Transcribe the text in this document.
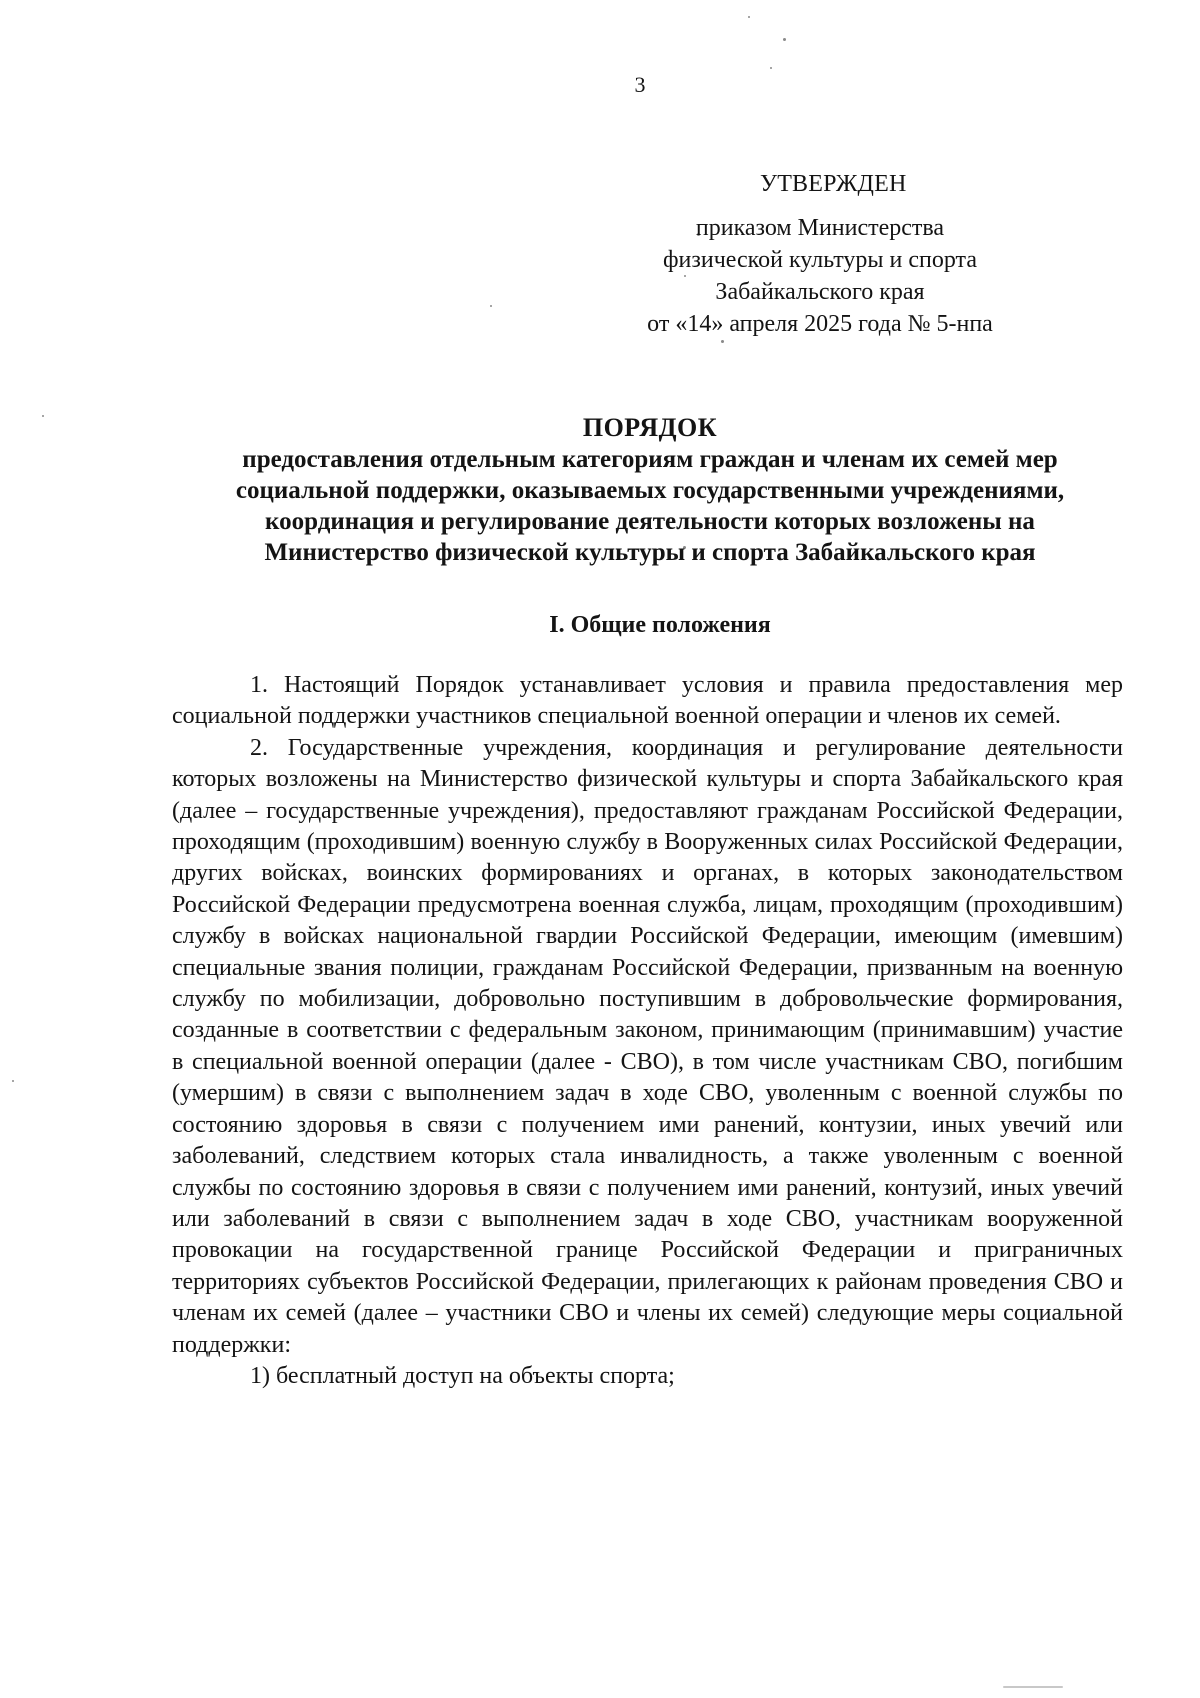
3
УТВЕРЖДЕН
приказом Министерства
физической культуры и спорта
Забайкальского края
от «14» апреля 2025 года № 5-нпа
ПОРЯДОК
предоставления отдельным категориям граждан и членам их семей мер
социальной поддержки, оказываемых государственными учреждениями,
координация и регулирование деятельности которых возложены на
Министерство физической культуры и спорта Забайкальского края
I. Общие положения

1. Настоящий Порядок устанавливает условия и правила предоставления мер социальной поддержки участников специальной военной операции и членов их семей.

2. Государственные учреждения, координация и регулирование деятельности которых возложены на Министерство физической культуры и спорта Забайкальского края (далее – государственные учреждения), предоставляют гражданам Российской Федерации, проходящим (проходившим) военную службу в Вооруженных силах Российской Федерации, других войсках, воинских формированиях и органах, в которых законодательством Российской Федерации предусмотрена военная служба, лицам, проходящим (проходившим) службу в войсках национальной гвардии Российской Федерации, имеющим (имевшим) специальные звания полиции, гражданам Российской Федерации, призванным на военную службу по мобилизации, добровольно поступившим в добровольческие формирования, созданные в соответствии с федеральным законом, принимающим (принимавшим) участие в специальной военной операции (далее - СВО), в том числе участникам СВО, погибшим (умершим) в связи с выполнением задач в ходе СВО, уволенным с военной службы по состоянию здоровья в связи с получением ими ранений, контузии, иных увечий или заболеваний, следствием которых стала инвалидность, а также уволенным с военной службы по состоянию здоровья в связи с получением ими ранений, контузий, иных увечий или заболеваний в связи с выполнением задач в ходе СВО, участникам вооруженной провокации на государственной границе Российской Федерации и приграничных территориях субъектов Российской Федерации, прилегающих к районам проведения СВО и членам их семей (далее – участники СВО и члены их семей) следующие меры социальной поддержки:

1) бесплатный доступ на объекты спорта;
